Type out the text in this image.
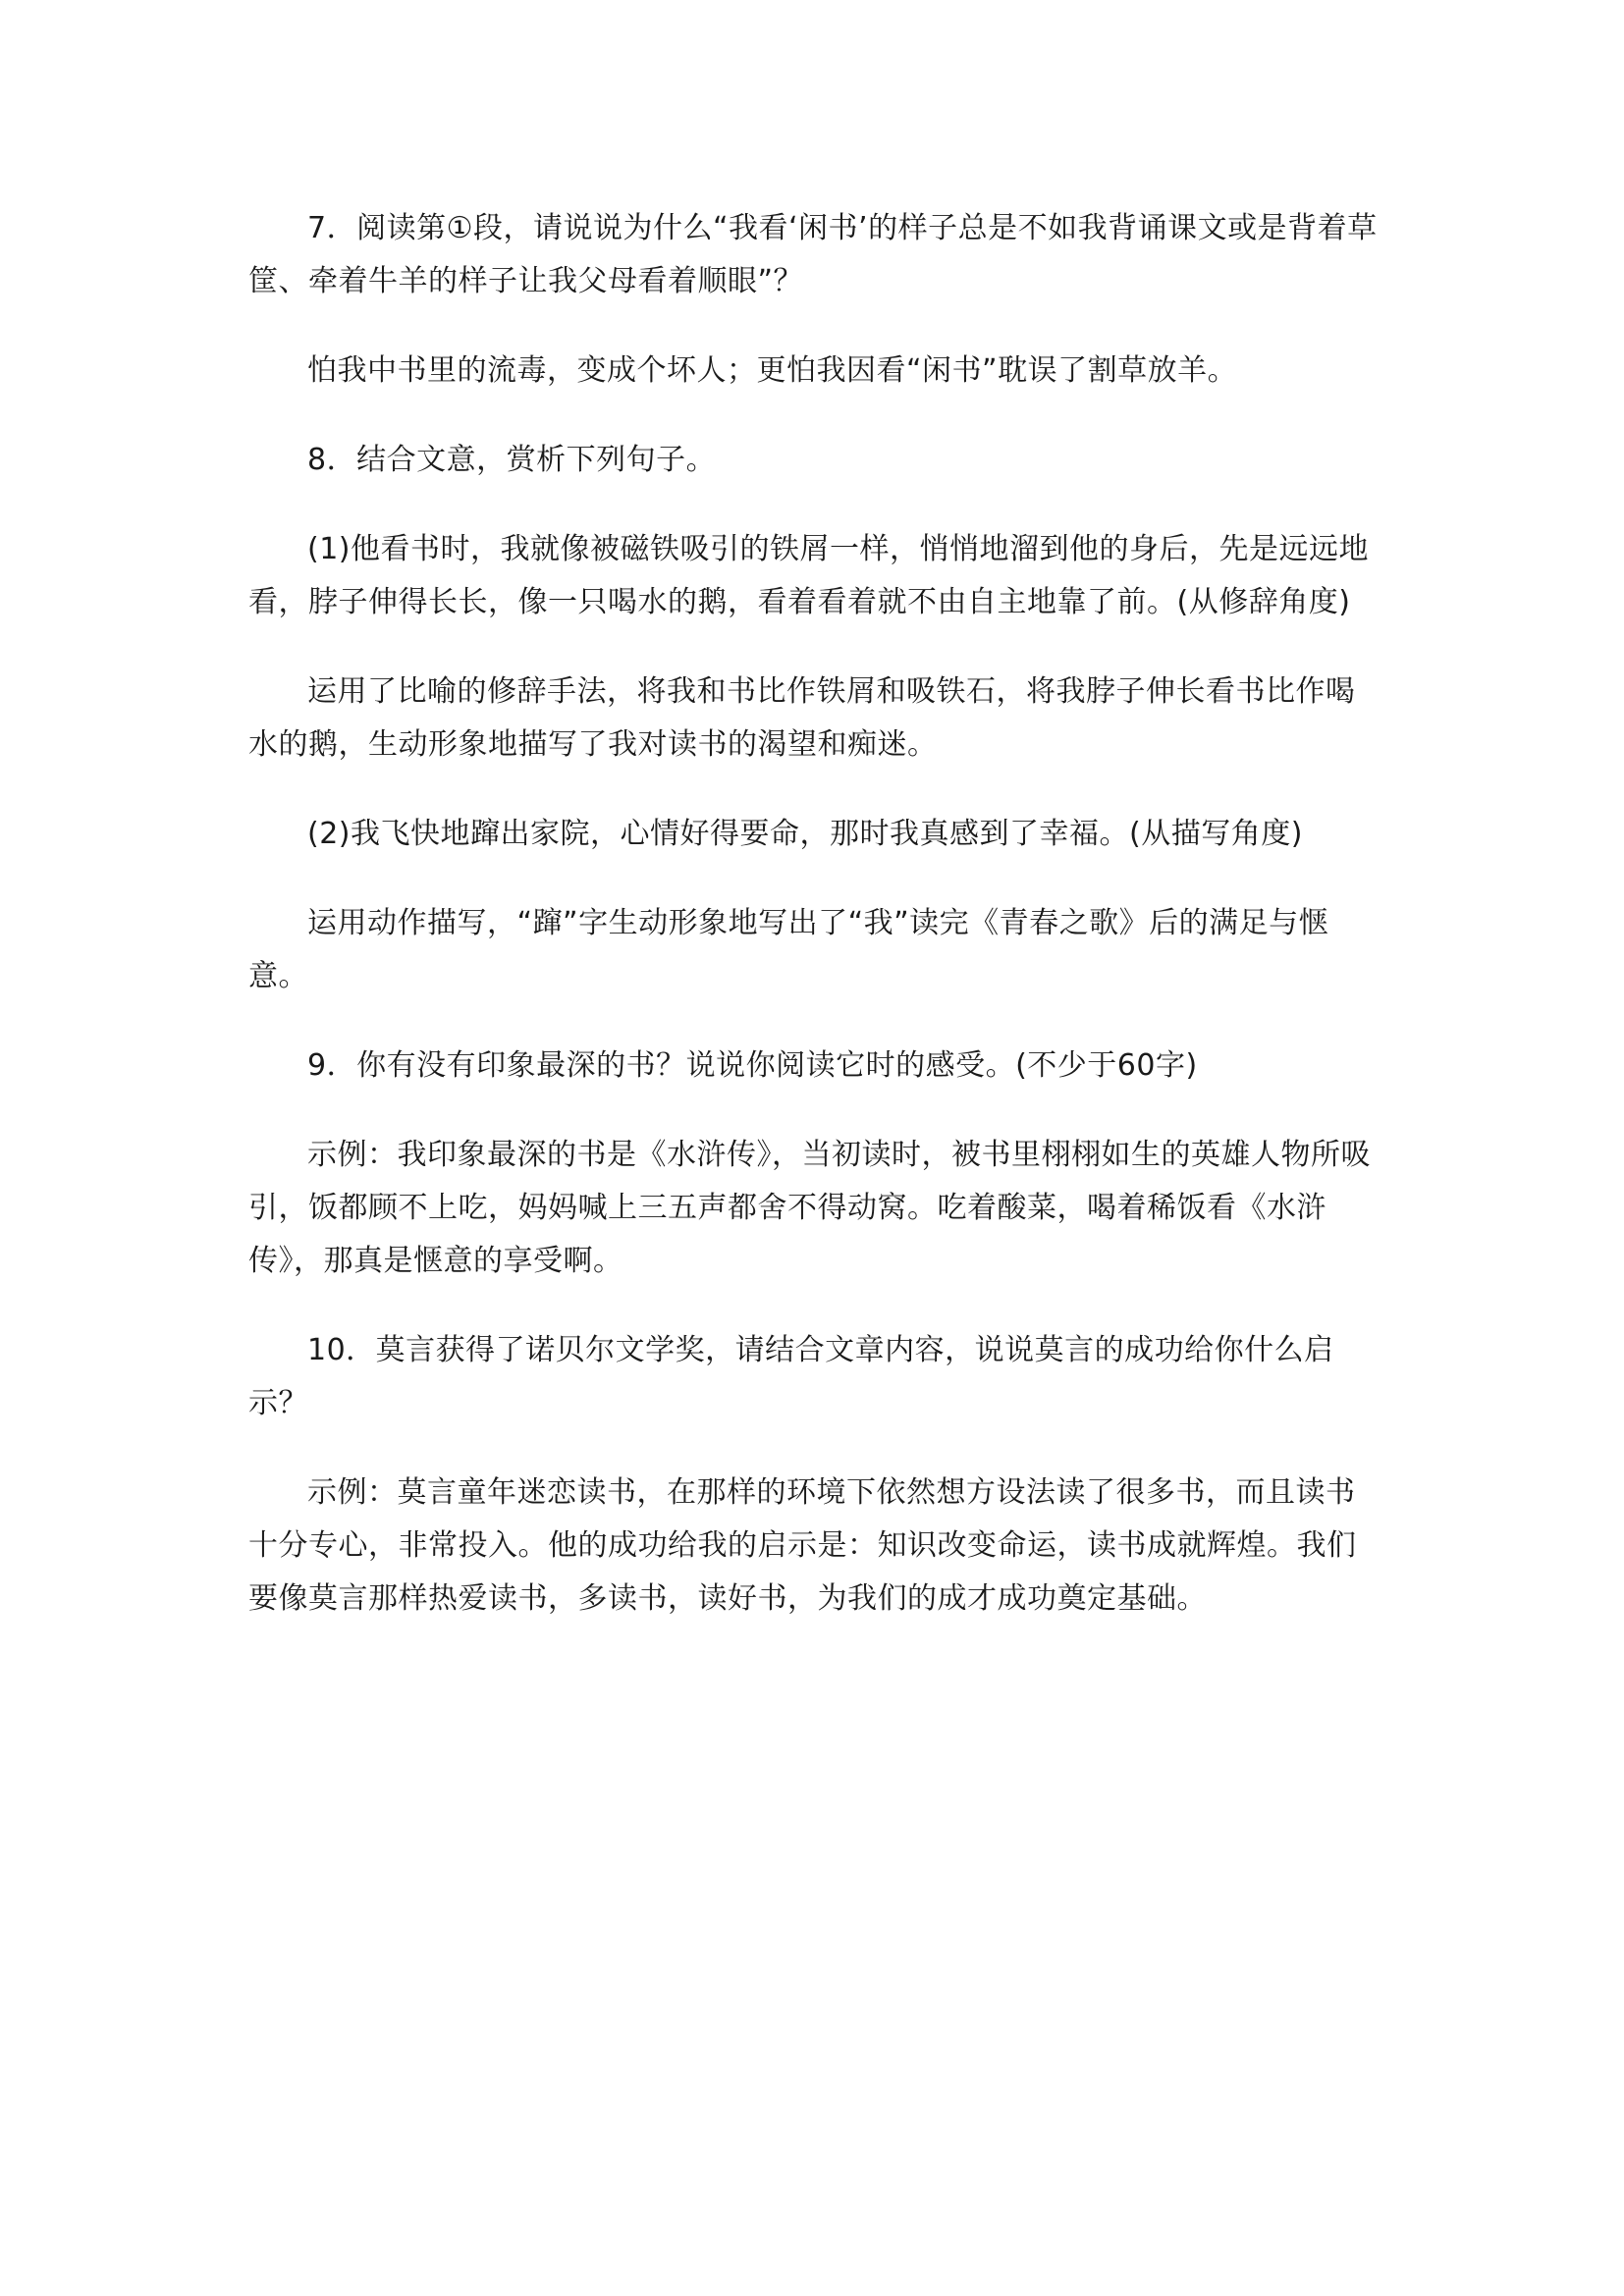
7．阅读第①段，请说说为什么“我看‘闲书’的样子总是不如我背诵课文或是背着草筐、牵着牛羊的样子让我父母看着顺眼”？

怕我中书里的流毒，变成个坏人；更怕我因看“闲书”耽误了割草放羊。

8．结合文意，赏析下列句子。

(1)他看书时，我就像被磁铁吸引的铁屑一样，悄悄地溜到他的身后，先是远远地看，脖子伸得长长，像一只喝水的鹅，看着看着就不由自主地靠了前。(从修辞角度)

运用了比喻的修辞手法，将我和书比作铁屑和吸铁石，将我脖子伸长看书比作喝水的鹅，生动形象地描写了我对读书的渴望和痴迷。

(2)我飞快地蹿出家院，心情好得要命，那时我真感到了幸福。(从描写角度)

运用动作描写，“蹿”字生动形象地写出了“我”读完《青春之歌》后的满足与惬意。

9．你有没有印象最深的书？说说你阅读它时的感受。(不少于60字)

示例：我印象最深的书是《水浒传》，当初读时，被书里栩栩如生的英雄人物所吸引，饭都顾不上吃，妈妈喊上三五声都舍不得动窝。吃着酸菜，喝着稀饭看《水浒传》，那真是惬意的享受啊。

10．莫言获得了诺贝尔文学奖，请结合文章内容，说说莫言的成功给你什么启示？

示例：莫言童年迷恋读书，在那样的环境下依然想方设法读了很多书，而且读书十分专心，非常投入。他的成功给我的启示是：知识改变命运，读书成就辉煌。我们要像莫言那样热爱读书，多读书，读好书，为我们的成才成功奠定基础。
